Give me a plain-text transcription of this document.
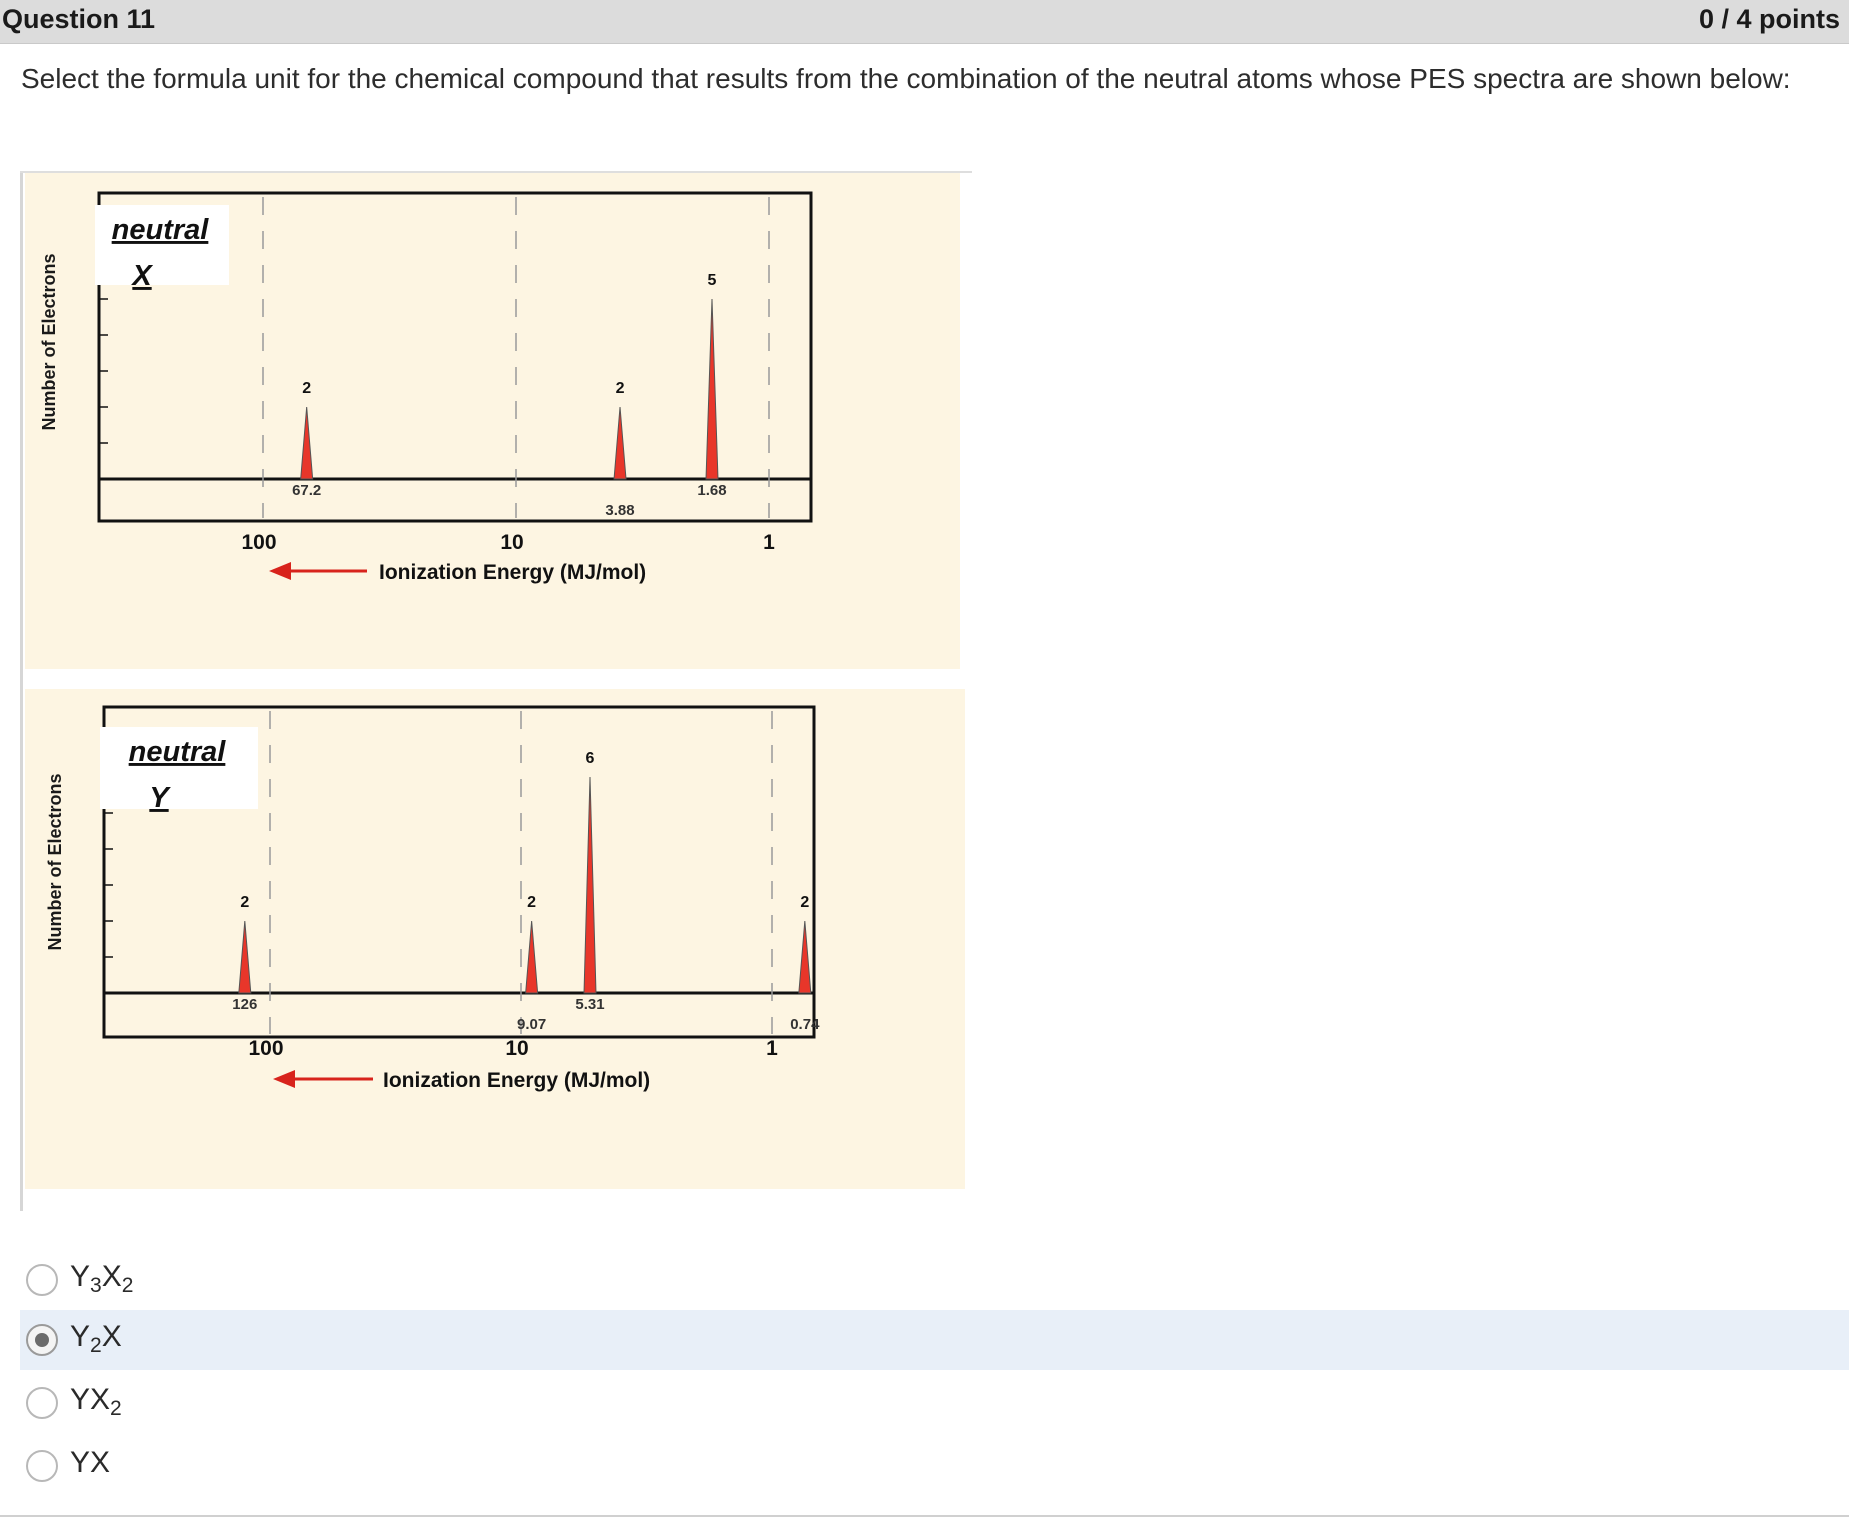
Question 11	0 / 4 points
Select the formula unit for the chemical compound that results from the combination of the neutral atoms whose PES spectra are shown below:
100	10	1
Number of Electrons
Ionization Energy (MJ/mol)
neutral
X
2
67.2
2
3.88
5
1.68
100	10	1
Number of Electrons
Ionization Energy (MJ/mol)
neutral
Y
2
126
2
9.07
6
5.31
2
0.74
$Y_3X_2$
$Y_2X$
$YX_2$
YX
